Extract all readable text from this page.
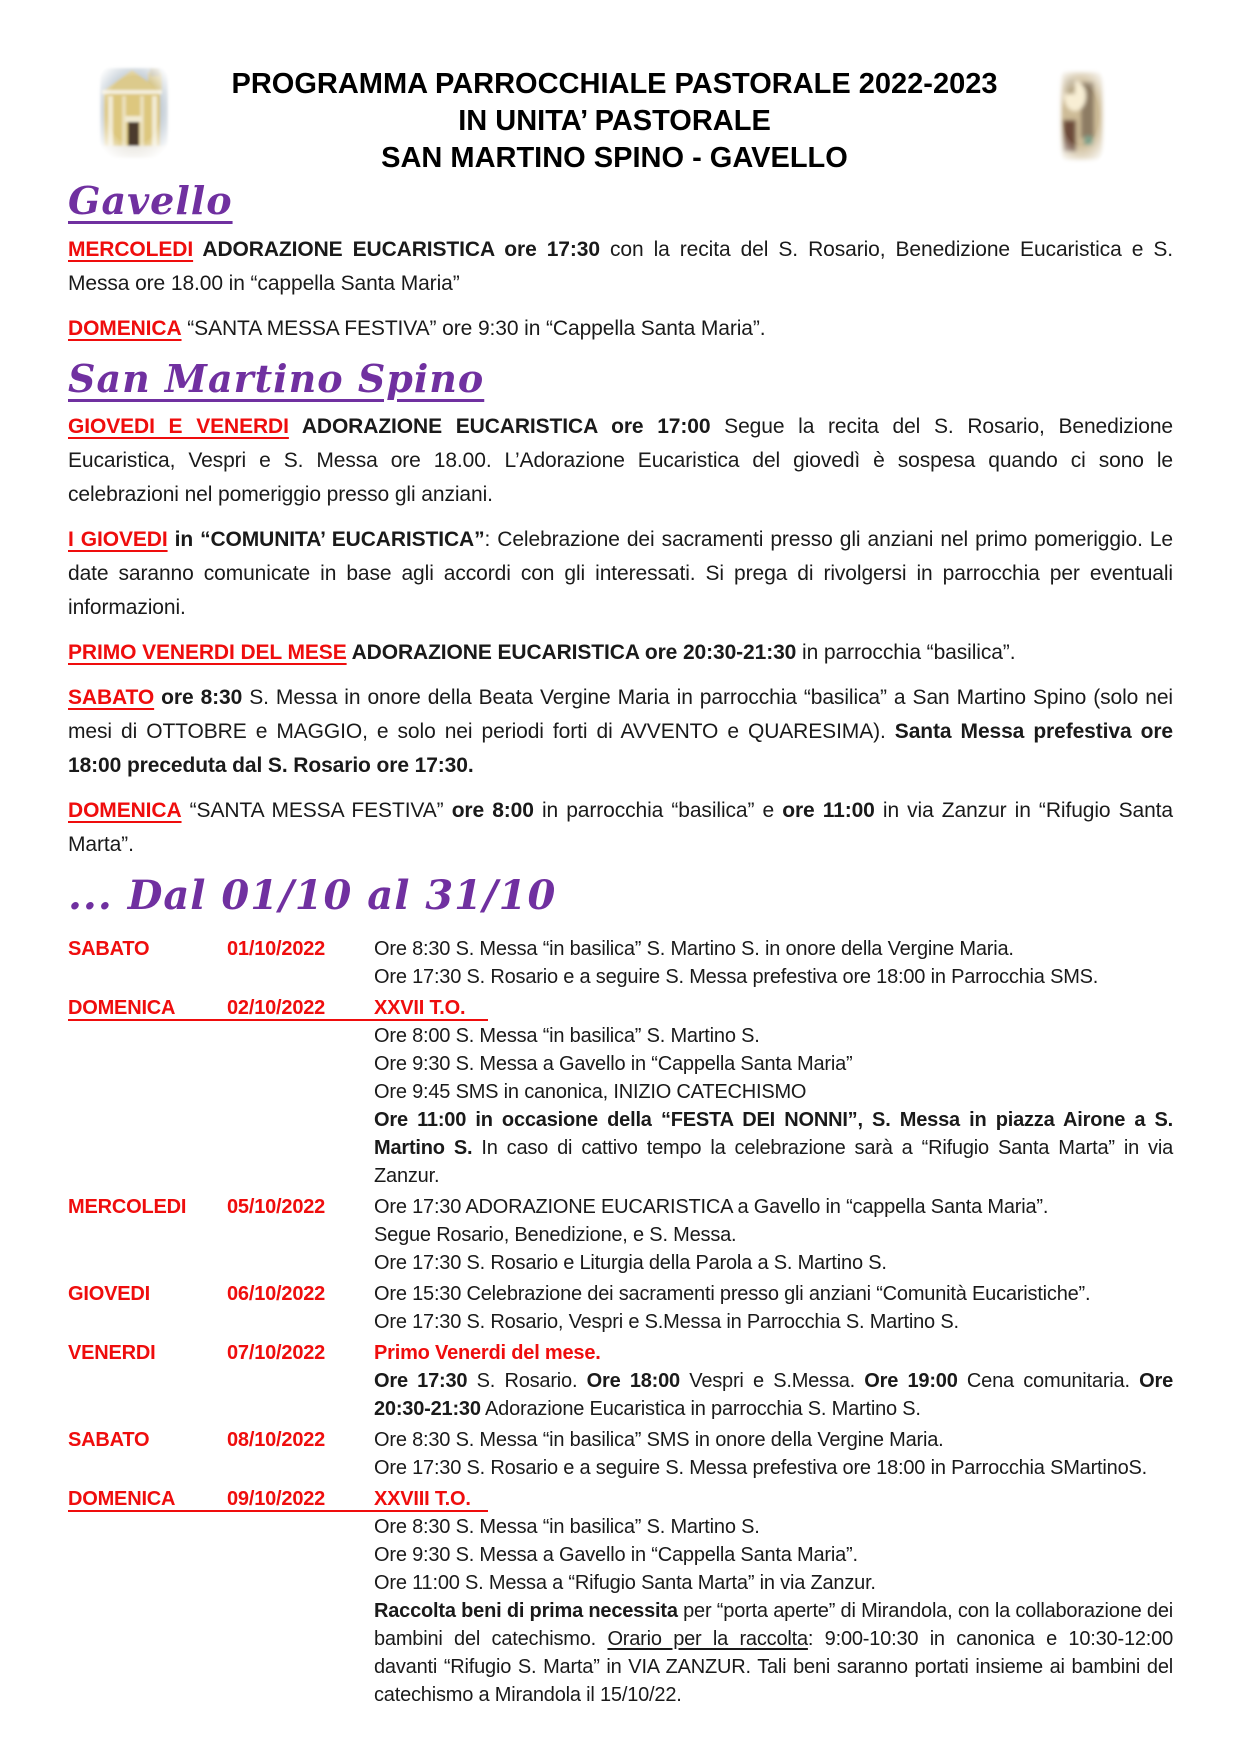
PROGRAMMA PARROCCHIALE PASTORALE 2022-2023
IN UNITA’ PASTORALE
SAN MARTINO SPINO - GAVELLO
Gavello

MERCOLEDI ADORAZIONE EUCARISTICA ore 17:30 con la recita del S. Rosario, Benedizione Eucaristica e S. Messa ore 18.00 in “cappella Santa Maria”

DOMENICA “SANTA MESSA FESTIVA” ore 9:30 in “Cappella Santa Maria”.

San Martino Spino

GIOVEDI E VENERDI ADORAZIONE EUCARISTICA ore 17:00 Segue la recita del S. Rosario, Benedizione Eucaristica, Vespri e S. Messa ore 18.00. L’Adorazione Eucaristica del giovedì è sospesa quando ci sono le celebrazioni nel pomeriggio presso gli anziani.

I GIOVEDI in “COMUNITA’ EUCARISTICA”: Celebrazione dei sacramenti presso gli anziani nel primo pomeriggio. Le date saranno comunicate in base agli accordi con gli interessati. Si prega di rivolgersi in parrocchia per eventuali informazioni.

PRIMO VENERDI DEL MESE ADORAZIONE EUCARISTICA ore 20:30-21:30 in parrocchia “basilica”.

SABATO ore 8:30 S. Messa in onore della Beata Vergine Maria in parrocchia “basilica” a San Martino Spino (solo nei mesi di OTTOBRE e MAGGIO, e solo nei periodi forti di AVVENTO e QUARESIMA). Santa Messa prefestiva ore 18:00 preceduta dal S. Rosario ore 17:30.

DOMENICA “SANTA MESSA FESTIVA” ore 8:00 in parrocchia “basilica” e ore 11:00 in via Zanzur in “Rifugio Santa Marta”.

... Dal 01/10 al 31/10
SABATO	01/10/2022	Ore 8:30 S. Messa “in basilica” S. Martino S. in onore della Vergine Maria.
Ore 17:30 S. Rosario e a seguire S. Messa prefestiva ore 18:00 in Parrocchia SMS.
DOMENICA	02/10/2022	XXVII T.O.
Ore 8:00 S. Messa “in basilica” S. Martino S.
Ore 9:30 S. Messa a Gavello in “Cappella Santa Maria”
Ore 9:45 SMS in canonica, INIZIO CATECHISMO
Ore 11:00 in occasione della “FESTA DEI NONNI”, S. Messa in piazza Airone a S. Martino S. In caso di cattivo tempo la celebrazione sarà a “Rifugio Santa Marta” in via Zanzur.
MERCOLEDI	05/10/2022	Ore 17:30 ADORAZIONE EUCARISTICA a Gavello in “cappella Santa Maria”.
Segue Rosario, Benedizione, e S. Messa.
Ore 17:30 S. Rosario e Liturgia della Parola a S. Martino S.
GIOVEDI	06/10/2022	Ore 15:30 Celebrazione dei sacramenti presso gli anziani “Comunità Eucaristiche”.
Ore 17:30 S. Rosario, Vespri e S.Messa in Parrocchia S. Martino S.
VENERDI	07/10/2022	Primo Venerdi del mese.
Ore 17:30 S. Rosario. Ore 18:00 Vespri e S.Messa. Ore 19:00 Cena comunitaria. Ore 20:30-21:30 Adorazione Eucaristica in parrocchia S. Martino S.
SABATO	08/10/2022	Ore 8:30 S. Messa “in basilica” SMS in onore della Vergine Maria.
Ore 17:30 S. Rosario e a seguire S. Messa prefestiva ore 18:00 in Parrocchia SMartinoS.
DOMENICA	09/10/2022	XXVIII T.O.
Ore 8:30 S. Messa “in basilica” S. Martino S.
Ore 9:30 S. Messa a Gavello in “Cappella Santa Maria”.
Ore 11:00 S. Messa a “Rifugio Santa Marta” in via Zanzur.
Raccolta beni di prima necessita per “porta aperte” di Mirandola, con la collaborazione dei bambini del catechismo. Orario per la raccolta: 9:00-10:30 in canonica e 10:30-12:00 davanti “Rifugio S. Marta” in VIA ZANZUR. Tali beni saranno portati insieme ai bambini del catechismo a Mirandola il 15/10/22.
